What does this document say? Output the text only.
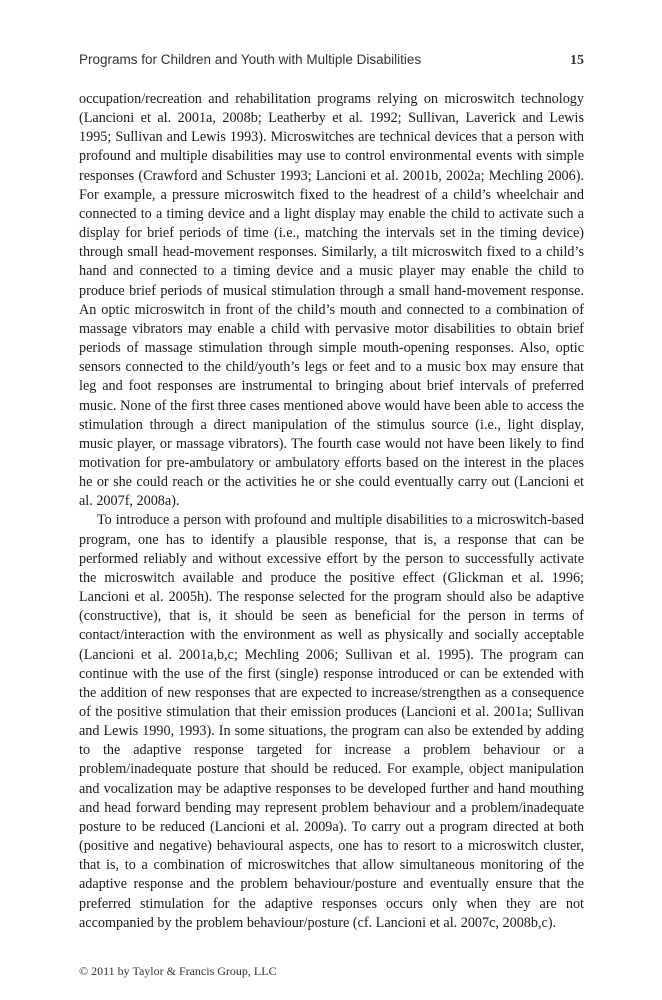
Programs for Children and Youth with Multiple Disabilities	15

occupation/recreation and rehabilitation programs relying on microswitch technology (Lancioni et al. 2001a, 2008b; Leatherby et al. 1992; Sullivan, Laverick and Lewis 1995; Sullivan and Lewis 1993). Microswitches are technical devices that a person with profound and multiple disabilities may use to control environmental events with simple responses (Crawford and Schuster 1993; Lancioni et al. 2001b, 2002a; Mechling 2006). For example, a pressure microswitch fixed to the headrest of a child’s wheelchair and connected to a timing device and a light display may enable the child to activate such a display for brief periods of time (i.e., matching the intervals set in the timing device) through small head-movement responses. Similarly, a tilt microswitch fixed to a child’s hand and connected to a timing device and a music player may enable the child to produce brief periods of musical stimulation through a small hand-movement response. An optic microswitch in front of the child’s mouth and connected to a combination of massage vibrators may enable a child with pervasive motor disabilities to obtain brief periods of massage stimulation through simple mouth-opening responses. Also, optic sensors connected to the child/youth’s legs or feet and to a music box may ensure that leg and foot responses are instrumental to bringing about brief intervals of preferred music. None of the first three cases mentioned above would have been able to access the stimulation through a direct manipulation of the stimulus source (i.e., light display, music player, or massage vibrators). The fourth case would not have been likely to find motivation for pre-ambulatory or ambulatory efforts based on the interest in the places he or she could reach or the activities he or she could eventually carry out (Lancioni et al. 2007f, 2008a).

To introduce a person with profound and multiple disabilities to a microswitch-based program, one has to identify a plausible response, that is, a response that can be performed reliably and without excessive effort by the person to successfully activate the microswitch available and produce the positive effect (Glickman et al. 1996; Lancioni et al. 2005h). The response selected for the program should also be adaptive (constructive), that is, it should be seen as beneficial for the person in terms of contact/interaction with the environment as well as physically and socially acceptable (Lancioni et al. 2001a,b,c; Mechling 2006; Sullivan et al. 1995). The program can continue with the use of the first (single) response introduced or can be extended with the addition of new responses that are expected to increase/strengthen as a consequence of the positive stimulation that their emission produces (Lancioni et al. 2001a; Sullivan and Lewis 1990, 1993). In some situations, the program can also be extended by adding to the adaptive response targeted for increase a problem behaviour or a problem/inadequate posture that should be reduced. For example, object manipulation and vocalization may be adaptive responses to be developed further and hand mouthing and head forward bending may represent problem behaviour and a problem/inadequate posture to be reduced (Lancioni et al. 2009a). To carry out a program directed at both (positive and negative) behavioural aspects, one has to resort to a microswitch cluster, that is, to a combination of microswitches that allow simultaneous monitoring of the adaptive response and the problem behaviour/posture and eventually ensure that the preferred stimulation for the adaptive responses occurs only when they are not accompanied by the problem behaviour/posture (cf. Lancioni et al. 2007c, 2008b,c).

© 2011 by Taylor & Francis Group, LLC
